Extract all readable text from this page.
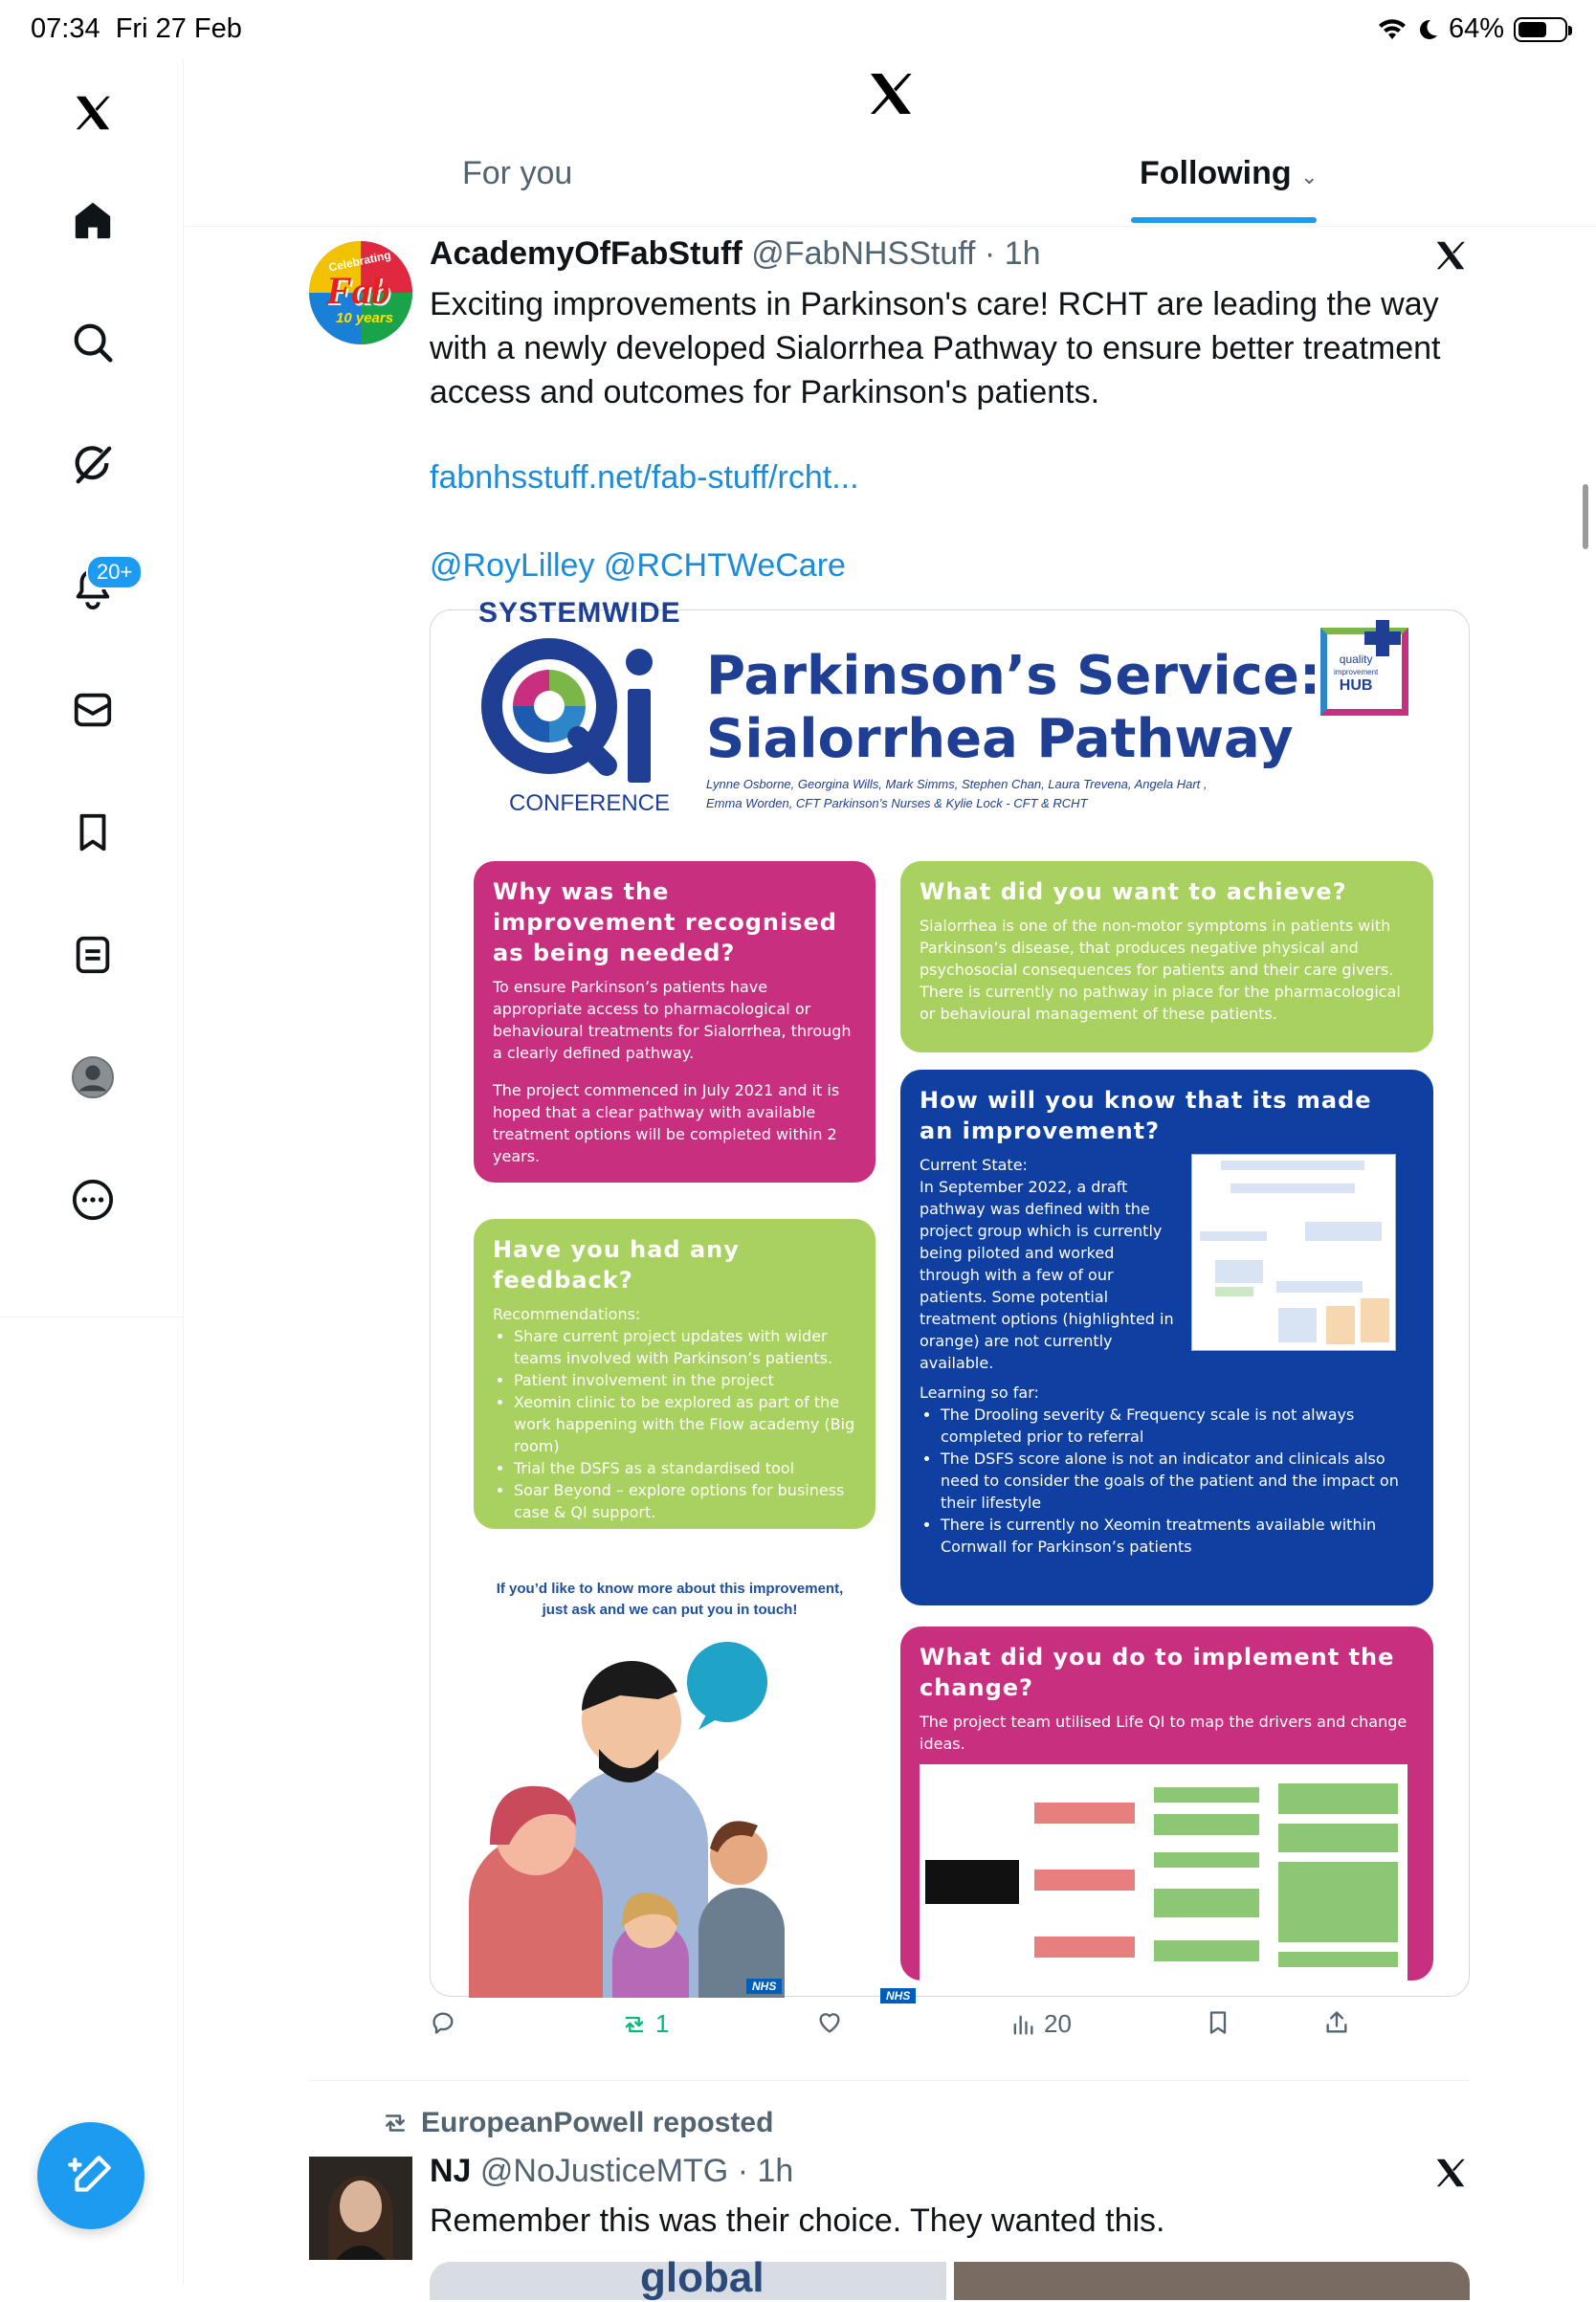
07:34 Fri 27 Feb	64%
20+
For you	Following ⌄
Celebrating
Fab
10 years
AcademyOfFabStuff @FabNHSStuff · 1h
Exciting improvements in Parkinson's care! RCHT are leading the way with a newly developed Sialorrhea Pathway to ensure better treatment access and outcomes for Parkinson's patients.
fabnhsstuff.net/fab-stuff/rcht...
@RoyLilley @RCHTWeCare
SYSTEMWIDE
CONFERENCE
Parkinson’s Service:
Sialorrhea Pathway
Lynne Osborne, Georgina Wills, Mark Simms, Stephen Chan, Laura Trevena, Angela Hart ,
Emma Worden, CFT Parkinson’s Nurses & Kylie Lock - CFT & RCHT
quality
improvement
HUB
Why was the improvement recognised as being needed?

To ensure Parkinson’s patients have appropriate access to pharmacological or behavioural treatments for Sialorrhea, through a clearly defined pathway.

The project commenced in July 2021 and it is hoped that a clear pathway with available treatment options will be completed within 2 years.

What did you want to achieve?

Sialorrhea is one of the non-motor symptoms in patients with Parkinson’s disease, that produces negative physical and psychosocial consequences for patients and their care givers. There is currently no pathway in place for the pharmacological or behavioural management of these patients.

How will you know that its made an improvement?

Current State:

In September 2022, a draft pathway was defined with the project group which is currently being piloted and worked through with a few of our patients. Some potential treatment options (highlighted in orange) are not currently available.

Learning so far:

• The Drooling severity & Frequency scale is not always completed prior to referral
• The DSFS score alone is not an indicator and clinicals also need to consider the goals of the patient and the impact on their lifestyle
• There is currently no Xeomin treatments available within Cornwall for Parkinson’s patients
Have you had any feedback?

Recommendations:

• Share current project updates with wider teams involved with Parkinson’s patients.
• Patient involvement in the project
• Xeomin clinic to be explored as part of the work happening with the Flow academy (Big room)
• Trial the DSFS as a standardised tool
• Soar Beyond – explore options for business case & QI support.
If you’d like to know more about this improvement,
just ask and we can put you in touch!
What did you do to implement the change?

The project team utilised Life QI to map the drivers and change ideas.

NHS
NHS
1	20
EuropeanPowell reposted
NJ @NoJusticeMTG · 1h
Remember this was their choice. They wanted this.
global
